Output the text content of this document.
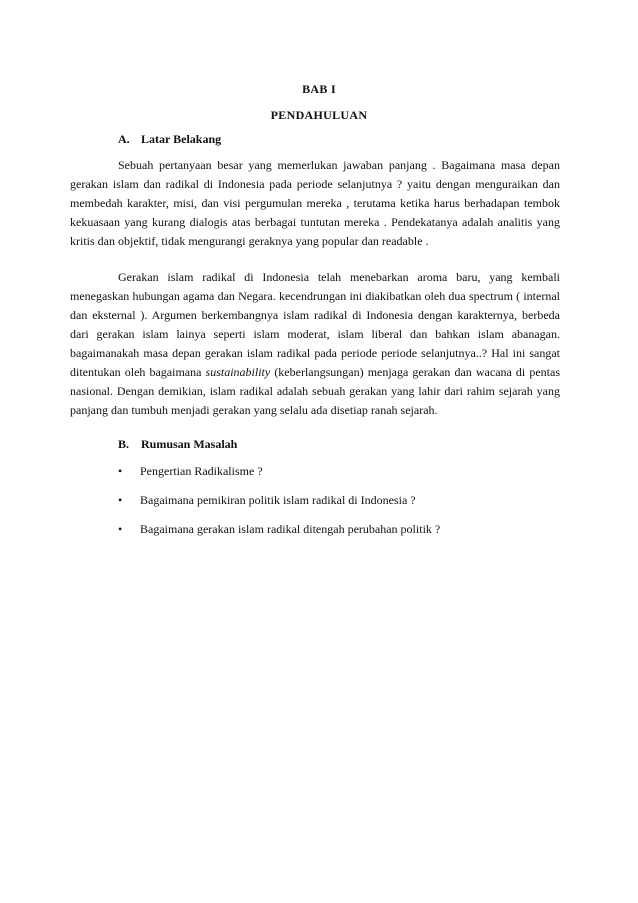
BAB I
PENDAHULUAN
A. Latar Belakang

Sebuah pertanyaan besar yang memerlukan jawaban panjang . Bagaimana masa depan gerakan islam dan radikal di Indonesia pada periode selanjutnya ? yaitu dengan menguraikan dan membedah karakter, misi, dan visi pergumulan mereka , terutama ketika harus berhadapan tembok kekuasaan yang kurang dialogis atas berbagai tuntutan mereka . Pendekatanya adalah analitis yang kritis dan objektif, tidak mengurangi geraknya yang popular dan readable .

Gerakan islam radikal di Indonesia telah menebarkan aroma baru, yang kembali menegaskan hubungan agama dan Negara. kecendrungan ini diakibatkan oleh dua spectrum ( internal dan eksternal ). Argumen berkembangnya islam radikal di Indonesia dengan karakternya, berbeda dari gerakan islam lainya seperti islam moderat, islam liberal dan bahkan islam abanagan. bagaimanakah masa depan gerakan islam radikal pada periode periode selanjutnya..? Hal ini sangat ditentukan oleh bagaimana sustainability (keberlangsungan) menjaga gerakan dan wacana di pentas nasional. Dengan demikian, islam radikal adalah sebuah gerakan yang lahir dari rahim sejarah yang panjang dan tumbuh menjadi gerakan yang selalu ada disetiap ranah sejarah.

B. Rumusan Masalah
•	Pengertian Radikalisme ?
•	Bagaimana pemikiran politik islam radikal di Indonesia ?
•	Bagaimana gerakan islam radikal ditengah perubahan politik ?
